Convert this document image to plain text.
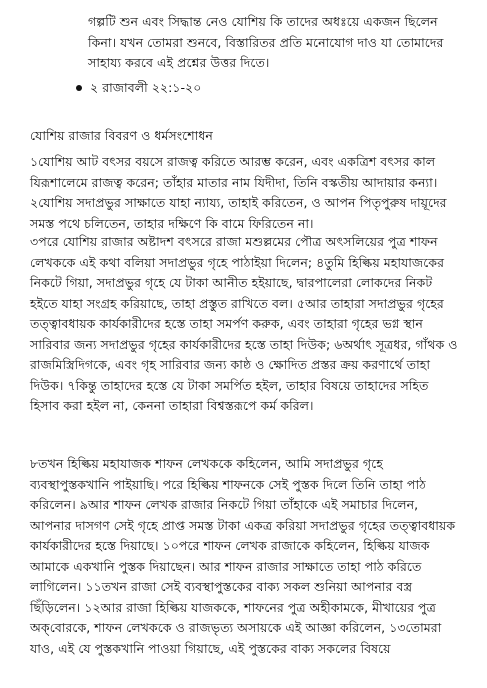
গল্পটি শুন এবং সিদ্ধান্ত নেও যোশিয় কি তাদের অধঃয়ে একজন ছিলেন কিনা। যখন তোমরা শুনবে, বিস্তারিতর প্রতি মনোযোগ দাও যা তোমাদের সাহায্য করবে এই প্রশ্নের উত্তর দিতে।

২ রাজাবলী ২২:১-২০
যোশিয় রাজার বিবরণ ও ধর্মসংশোধন

১যোশিয় আট বৎসর বয়সে রাজত্ব করিতে আরম্ভ করেন, এবং একত্রিশ বৎসর কাল যিরূশালেমে রাজত্ব করেন; তাঁহার মাতার নাম যিদীদা, তিনি বস্কতীয় আদায়ার কন্যা। ২যোশিয় সদাপ্রভুর সাক্ষাতে যাহা ন্যায্য, তাহাই করিতেন, ও আপন পিতৃপুরুষ দায়ূদের সমস্ত পথে চলিতেন, তাহার দক্ষিণে কি বামে ফিরিতেন না।

৩পরে যোশিয় রাজার অষ্টাদশ বৎসরে রাজা মশুল্লমের পৌত্র অৎসলিয়ের পুত্র শাফন লেখককে এই কথা বলিয়া সদাপ্রভুর গৃহে পাঠাইয়া দিলেন; ৪তুমি হিল্কিয় মহাযাজকের নিকটে গিয়া, সদাপ্রভুর গৃহে যে টাকা আনীত হইয়াছে, দ্বারপালেরা লোকদের নিকট হইতে যাহা সংগ্রহ করিয়াছে, তাহা প্রস্তুত রাখিতে বল। ৫আর তাহারা সদাপ্রভুর গৃহের তত্ত্বাবধায়ক কার্যকারীদের হস্তে তাহা সমর্পণ করুক, এবং তাহারা গৃহের ভগ্ন স্থান সারিবার জন্য সদাপ্রভুর গৃহের কার্যকারীদের হস্তে তাহা দিউক; ৬অর্থাৎ সূত্রধর, গাঁথক ও রাজমিস্ত্রিদিগকে, এবং গৃহ সারিবার জন্য কাষ্ঠ ও ক্ষোদিত প্রস্তর ক্রয় করণার্থে তাহা দিউক। ৭কিন্তু তাহাদের হস্তে যে টাকা সমর্পিত হইল, তাহার বিষয়ে তাহাদের সহিত হিসাব করা হইল না, কেননা তাহারা বিশ্বস্তরূপে কর্ম করিল।

৮তখন হিল্কিয় মহাযাজক শাফন লেখককে কহিলেন, আমি সদাপ্রভুর গৃহে ব্যবস্থাপুস্তকখানি পাইয়াছি। পরে হিল্কিয় শাফনকে সেই পুস্তক দিলে তিনি তাহা পাঠ করিলেন। ৯আর শাফন লেখক রাজার নিকটে গিয়া তাঁহাকে এই সমাচার দিলেন, আপনার দাসগণ সেই গৃহে প্রাপ্ত সমস্ত টাকা একত্র করিয়া সদাপ্রভুর গৃহের তত্ত্বাবধায়ক কার্যকারীদের হস্তে দিয়াছে। ১০পরে শাফন লেখক রাজাকে কহিলেন, হিল্কিয় যাজক আমাকে একখানি পুস্তক দিয়াছেন। আর শাফন রাজার সাক্ষাতে তাহা পাঠ করিতে লাগিলেন। ১১তখন রাজা সেই ব্যবস্থাপুস্তকের বাক্য সকল শুনিয়া আপনার বস্ত্র ছিঁড়িলেন। ১২আর রাজা হিল্কিয় যাজককে, শাফনের পুত্র অহীকামকে, মীখায়ের পুত্র অক্‌বোরকে, শাফন লেখককে ও রাজভৃত্য অসায়কে এই আজ্ঞা করিলেন, ১৩তোমরা যাও, এই যে পুস্তকখানি পাওয়া গিয়াছে, এই পুস্তকের বাক্য সকলের বিষয়ে
